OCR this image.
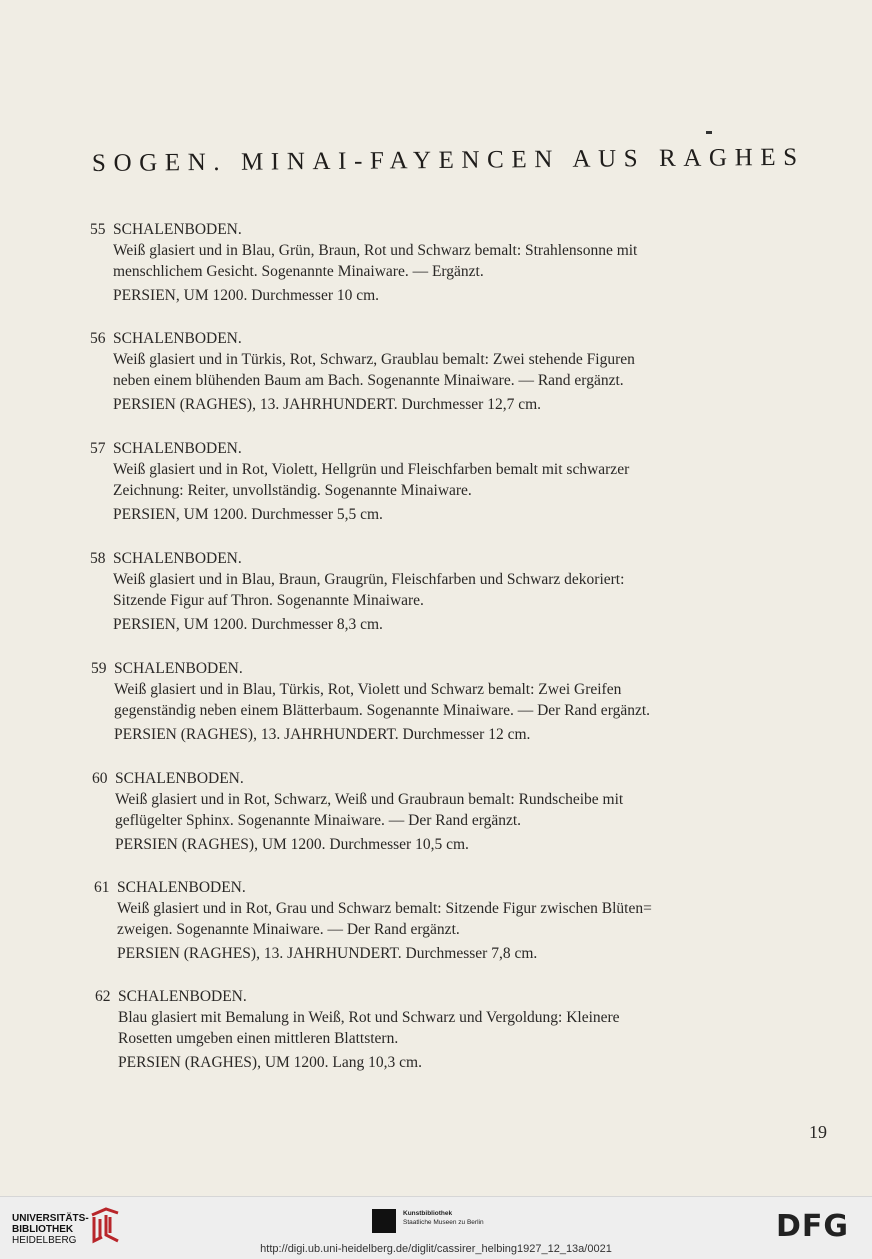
SOGEN. MINAI-FAYENCEN AUS RAGHES
55 SCHALENBODEN.
Weiß glasiert und in Blau, Grün, Braun, Rot und Schwarz bemalt: Strahlensonne mit
menschlichem Gesicht. Sogenannte Minaiware. — Ergänzt.
PERSIEN, UM 1200. Durchmesser 10 cm.
56 SCHALENBODEN.
Weiß glasiert und in Türkis, Rot, Schwarz, Graublau bemalt: Zwei stehende Figuren
neben einem blühenden Baum am Bach. Sogenannte Minaiware. — Rand ergänzt.
PERSIEN (RAGHES), 13. JAHRHUNDERT. Durchmesser 12,7 cm.
57 SCHALENBODEN.
Weiß glasiert und in Rot, Violett, Hellgrün und Fleischfarben bemalt mit schwarzer
Zeichnung: Reiter, unvollständig. Sogenannte Minaiware.
PERSIEN, UM 1200. Durchmesser 5,5 cm.
58 SCHALENBODEN.
Weiß glasiert und in Blau, Braun, Graugrün, Fleischfarben und Schwarz dekoriert:
Sitzende Figur auf Thron. Sogenannte Minaiware.
PERSIEN, UM 1200. Durchmesser 8,3 cm.
59 SCHALENBODEN.
Weiß glasiert und in Blau, Türkis, Rot, Violett und Schwarz bemalt: Zwei Greifen
gegenständig neben einem Blätterbaum. Sogenannte Minaiware. — Der Rand ergänzt.
PERSIEN (RAGHES), 13. JAHRHUNDERT. Durchmesser 12 cm.
60 SCHALENBODEN.
Weiß glasiert und in Rot, Schwarz, Weiß und Graubraun bemalt: Rundscheibe mit
geflügelter Sphinx. Sogenannte Minaiware. — Der Rand ergänzt.
PERSIEN (RAGHES), UM 1200. Durchmesser 10,5 cm.
61 SCHALENBODEN.
Weiß glasiert und in Rot, Grau und Schwarz bemalt: Sitzende Figur zwischen Blüten=
zweigen. Sogenannte Minaiware. — Der Rand ergänzt.
PERSIEN (RAGHES), 13. JAHRHUNDERT. Durchmesser 7,8 cm.
62 SCHALENBODEN.
Blau glasiert mit Bemalung in Weiß, Rot und Schwarz und Vergoldung: Kleinere
Rosetten umgeben einen mittleren Blattstern.
PERSIEN (RAGHES), UM 1200. Lang 10,3 cm.
19
UNIVERSITÄTS-
BIBLIOTHEK
HEIDELBERG
Kunstbibliothek
Staatliche Museen zu Berlin	DFG
http://digi.ub.uni-heidelberg.de/diglit/cassirer_helbing1927_12_13a/0021
